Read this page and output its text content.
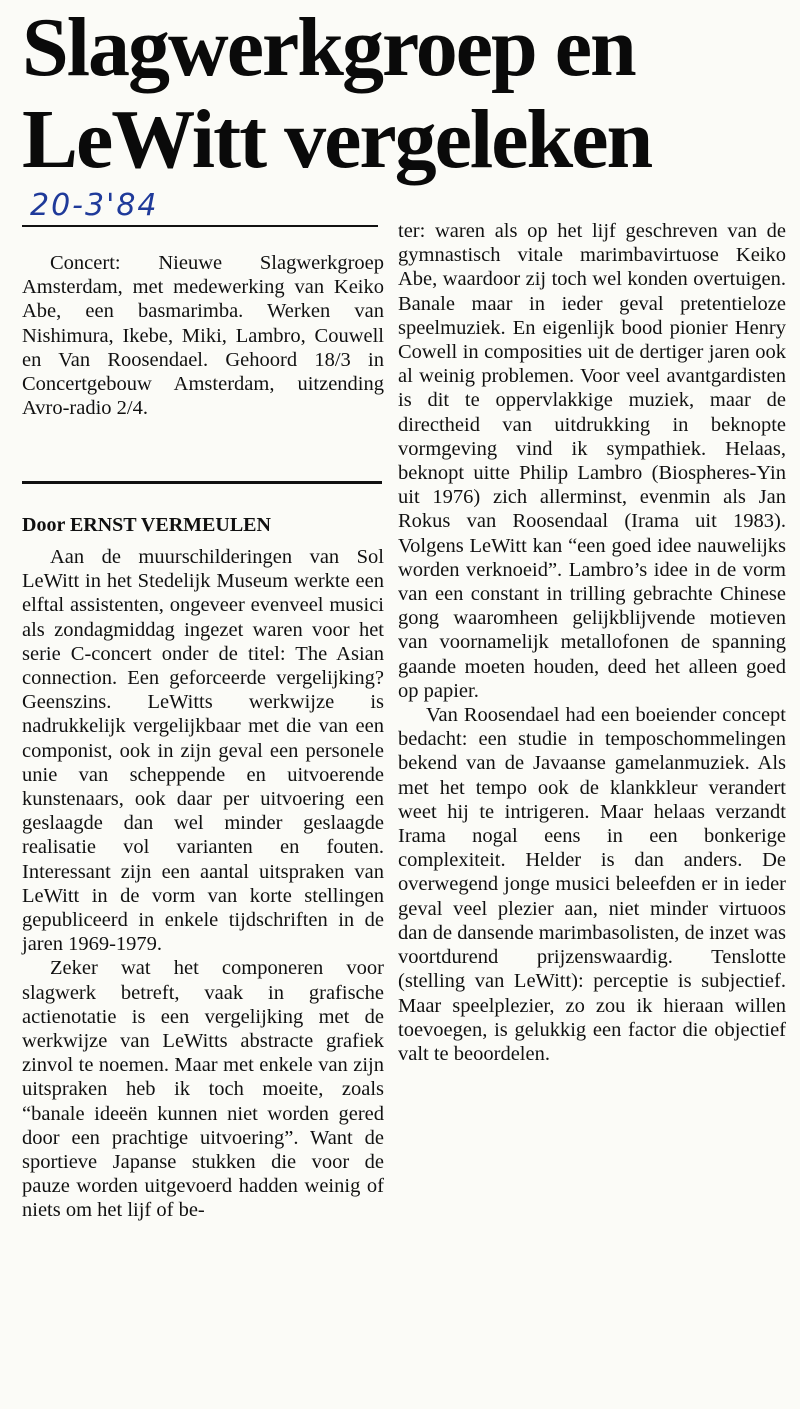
Slagwerkgroep en
LeWitt vergeleken
20-3'84

Concert: Nieuwe Slagwerkgroep Amsterdam, met medewerking van Keiko Abe, een basmarimba. Werken van Nishimura, Ikebe, Miki, Lambro, Couwell en Van Roosendael. Gehoord 18/3 in Concertgebouw Amsterdam, uitzending Avro-radio 2/4.

Door ERNST VERMEULEN

Aan de muurschilderingen van Sol LeWitt in het Stedelijk Museum werkte een elftal assistenten, ongeveer evenveel musici als zondagmiddag ingezet waren voor het serie C-concert onder de titel: The Asian connection. Een geforceerde vergelijking? Geenszins. LeWitts werkwijze is nadrukkelijk vergelijkbaar met die van een componist, ook in zijn geval een personele unie van scheppende en uitvoerende kunstenaars, ook daar per uitvoering een geslaagde dan wel minder geslaagde realisatie vol varianten en fouten. Interessant zijn een aantal uitspraken van LeWitt in de vorm van korte stellingen gepubliceerd in enkele tijdschriften in de jaren 1969-1979.

Zeker wat het componeren voor slagwerk betreft, vaak in grafische actienotatie is een vergelijking met de werkwijze van LeWitts abstracte grafiek zinvol te noemen. Maar met enkele van zijn uitspraken heb ik toch moeite, zoals “banale ideeën kunnen niet worden gered door een prachtige uitvoering”. Want de sportieve Japanse stukken die voor de pauze worden uitgevoerd hadden weinig of niets om het lijf of be-

ter: waren als op het lijf geschreven van de gymnastisch vitale marimbavirtuose Keiko Abe, waardoor zij toch wel konden overtuigen. Banale maar in ieder geval pretentieloze speelmuziek. En eigenlijk bood pionier Henry Cowell in composities uit de dertiger jaren ook al weinig problemen. Voor veel avantgardisten is dit te oppervlakkige muziek, maar de directheid van uitdrukking in beknopte vormgeving vind ik sympathiek. Helaas, beknopt uitte Philip Lambro (Biospheres-Yin uit 1976) zich allerminst, evenmin als Jan Rokus van Roosendaal (Irama uit 1983). Volgens LeWitt kan “een goed idee nauwelijks worden verknoeid”. Lambro’s idee in de vorm van een constant in trilling gebrachte Chinese gong waaromheen gelijkblijvende motieven van voornamelijk metallofonen de spanning gaande moeten houden, deed het alleen goed op papier.

Van Roosendael had een boeiender concept bedacht: een studie in temposchommelingen bekend van de Javaanse gamelanmuziek. Als met het tempo ook de klankkleur verandert weet hij te intrigeren. Maar helaas verzandt Irama nogal eens in een bonkerige complexiteit. Helder is dan anders. De overwegend jonge musici beleefden er in ieder geval veel plezier aan, niet minder virtuoos dan de dansende marimbasolisten, de inzet was voortdurend prijzenswaardig. Tenslotte (stelling van LeWitt): perceptie is subjectief. Maar speelplezier, zo zou ik hieraan willen toevoegen, is gelukkig een factor die objectief valt te beoordelen.
